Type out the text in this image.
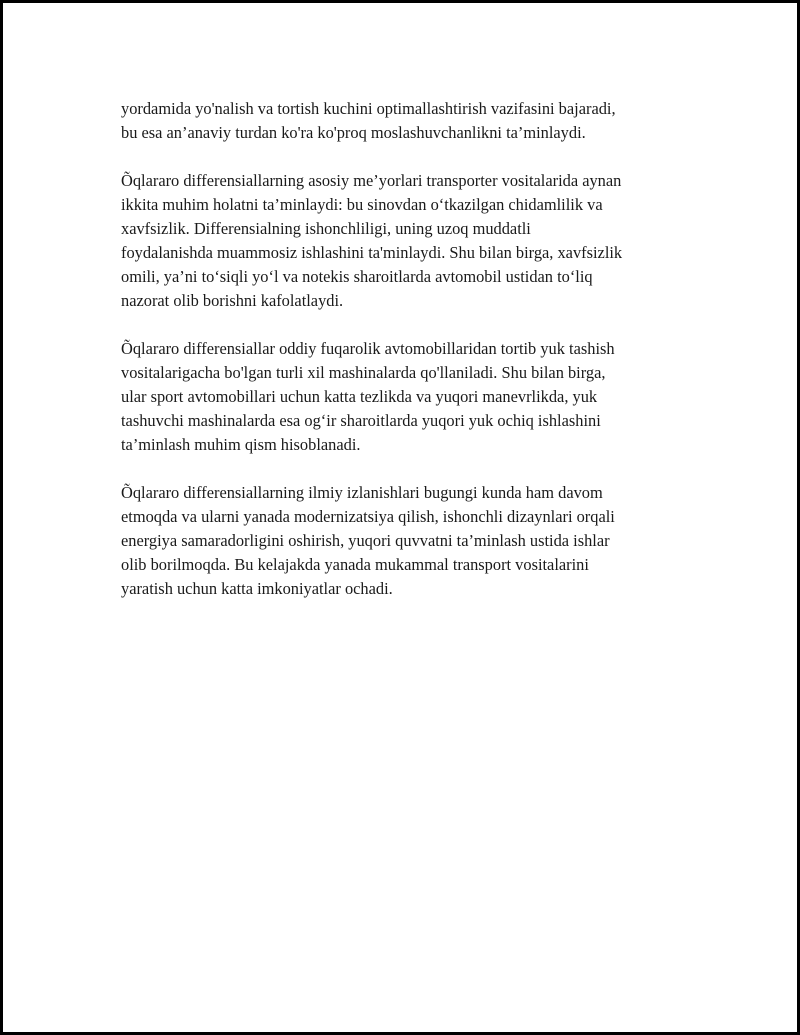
yordamida yo'nalish va tortish kuchini optimallashtirish vazifasini bajaradi,
bu esa an’anaviy turdan ko'ra ko'proq moslashuvchanlikni ta’minlaydi.

Õqlararo differensiallarning asosiy me’yorlari transporter vositalarida aynan
ikkita muhim holatni ta’minlaydi: bu sinovdan o‘tkazilgan chidamlilik va
xavfsizlik. Differensialning ishonchliligi, uning uzoq muddatli
foydalanishda muammosiz ishlashini ta'minlaydi. Shu bilan birga, xavfsizlik
omili, ya’ni to‘siqli yo‘l va notekis sharoitlarda avtomobil ustidan to‘liq
nazorat olib borishni kafolatlaydi.

Õqlararo differensiallar oddiy fuqarolik avtomobillaridan tortib yuk tashish
vositalarigacha bo'lgan turli xil mashinalarda qo'llaniladi. Shu bilan birga,
ular sport avtomobillari uchun katta tezlikda va yuqori manevrlikda, yuk
tashuvchi mashinalarda esa og‘ir sharoitlarda yuqori yuk ochiq ishlashini
ta’minlash muhim qism hisoblanadi.

Õqlararo differensiallarning ilmiy izlanishlari bugungi kunda ham davom
etmoqda va ularni yanada modernizatsiya qilish, ishonchli dizaynlari orqali
energiya samaradorligini oshirish, yuqori quvvatni ta’minlash ustida ishlar
olib borilmoqda. Bu kelajakda yanada mukammal transport vositalarini
yaratish uchun katta imkoniyatlar ochadi.
